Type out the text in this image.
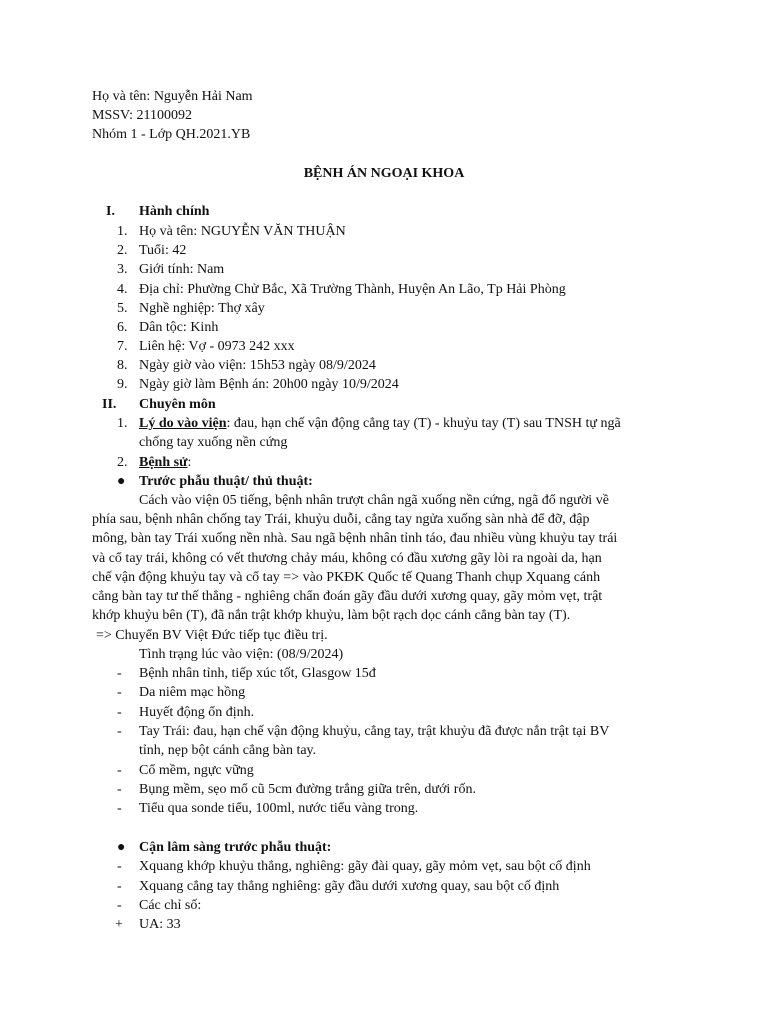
Họ và tên: Nguyễn Hải Nam
MSSV: 21100092
Nhóm 1 - Lớp QH.2021.YB
BỆNH ÁN NGOẠI KHOA
I. Hành chính
1. Họ và tên: NGUYỄN VĂN THUẬN
2. Tuổi: 42
3. Giới tính: Nam
4. Địa chỉ: Phường Chử Bắc, Xã Trường Thành, Huyện An Lão, Tp Hải Phòng
5. Nghề nghiệp: Thợ xây
6. Dân tộc: Kinh
7. Liên hệ: Vợ - 0973 242 xxx
8. Ngày giờ vào viện: 15h53 ngày 08/9/2024
9. Ngày giờ làm Bệnh án: 20h00 ngày 10/9/2024
II. Chuyên môn
1. Lý do vào viện: đau, hạn chế vận động cẳng tay (T) - khuỷu tay (T) sau TNSH tự ngã
chống tay xuống nền cứng
2. Bệnh sử:
● Trước phẫu thuật/ thủ thuật:
Cách vào viện 05 tiếng, bệnh nhân trượt chân ngã xuống nền cứng, ngã đổ người về
phía sau, bệnh nhân chống tay Trái, khuỷu duỗi, cẳng tay ngửa xuống sàn nhà để đỡ, đập
mông, bàn tay Trái xuống nền nhà. Sau ngã bệnh nhân tỉnh táo, đau nhiều vùng khuỷu tay trái
và cổ tay trái, không có vết thương chảy máu, không có đầu xương gãy lòi ra ngoài da, hạn
chế vận động khuỷu tay và cổ tay => vào PKĐK Quốc tế Quang Thanh chụp Xquang cánh
cẳng bàn tay tư thế thẳng - nghiêng chẩn đoán gãy đầu dưới xương quay, gãy mỏm vẹt, trật
khớp khuỷu bên (T), đã nắn trật khớp khuỷu, làm bột rạch dọc cánh cẳng bàn tay (T).
=> Chuyển BV Việt Đức tiếp tục điều trị.
Tình trạng lúc vào viện: (08/9/2024)
- Bệnh nhân tỉnh, tiếp xúc tốt, Glasgow 15đ
- Da niêm mạc hồng
- Huyết động ổn định.
- Tay Trái: đau, hạn chế vận động khuỷu, cẳng tay, trật khuỷu đã được nắn trật tại BV
tỉnh, nẹp bột cánh cẳng bàn tay.
- Cổ mềm, ngực vững
- Bụng mềm, sẹo mổ cũ 5cm đường trắng giữa trên, dưới rốn.
- Tiểu qua sonde tiểu, 100ml, nước tiểu vàng trong.
● Cận lâm sàng trước phẫu thuật:
- Xquang khớp khuỷu thẳng, nghiêng: gãy đài quay, gãy mỏm vẹt, sau bột cố định
- Xquang cẳng tay thẳng nghiêng: gãy đầu dưới xương quay, sau bột cố định
- Các chỉ số:
+ UA: 33
